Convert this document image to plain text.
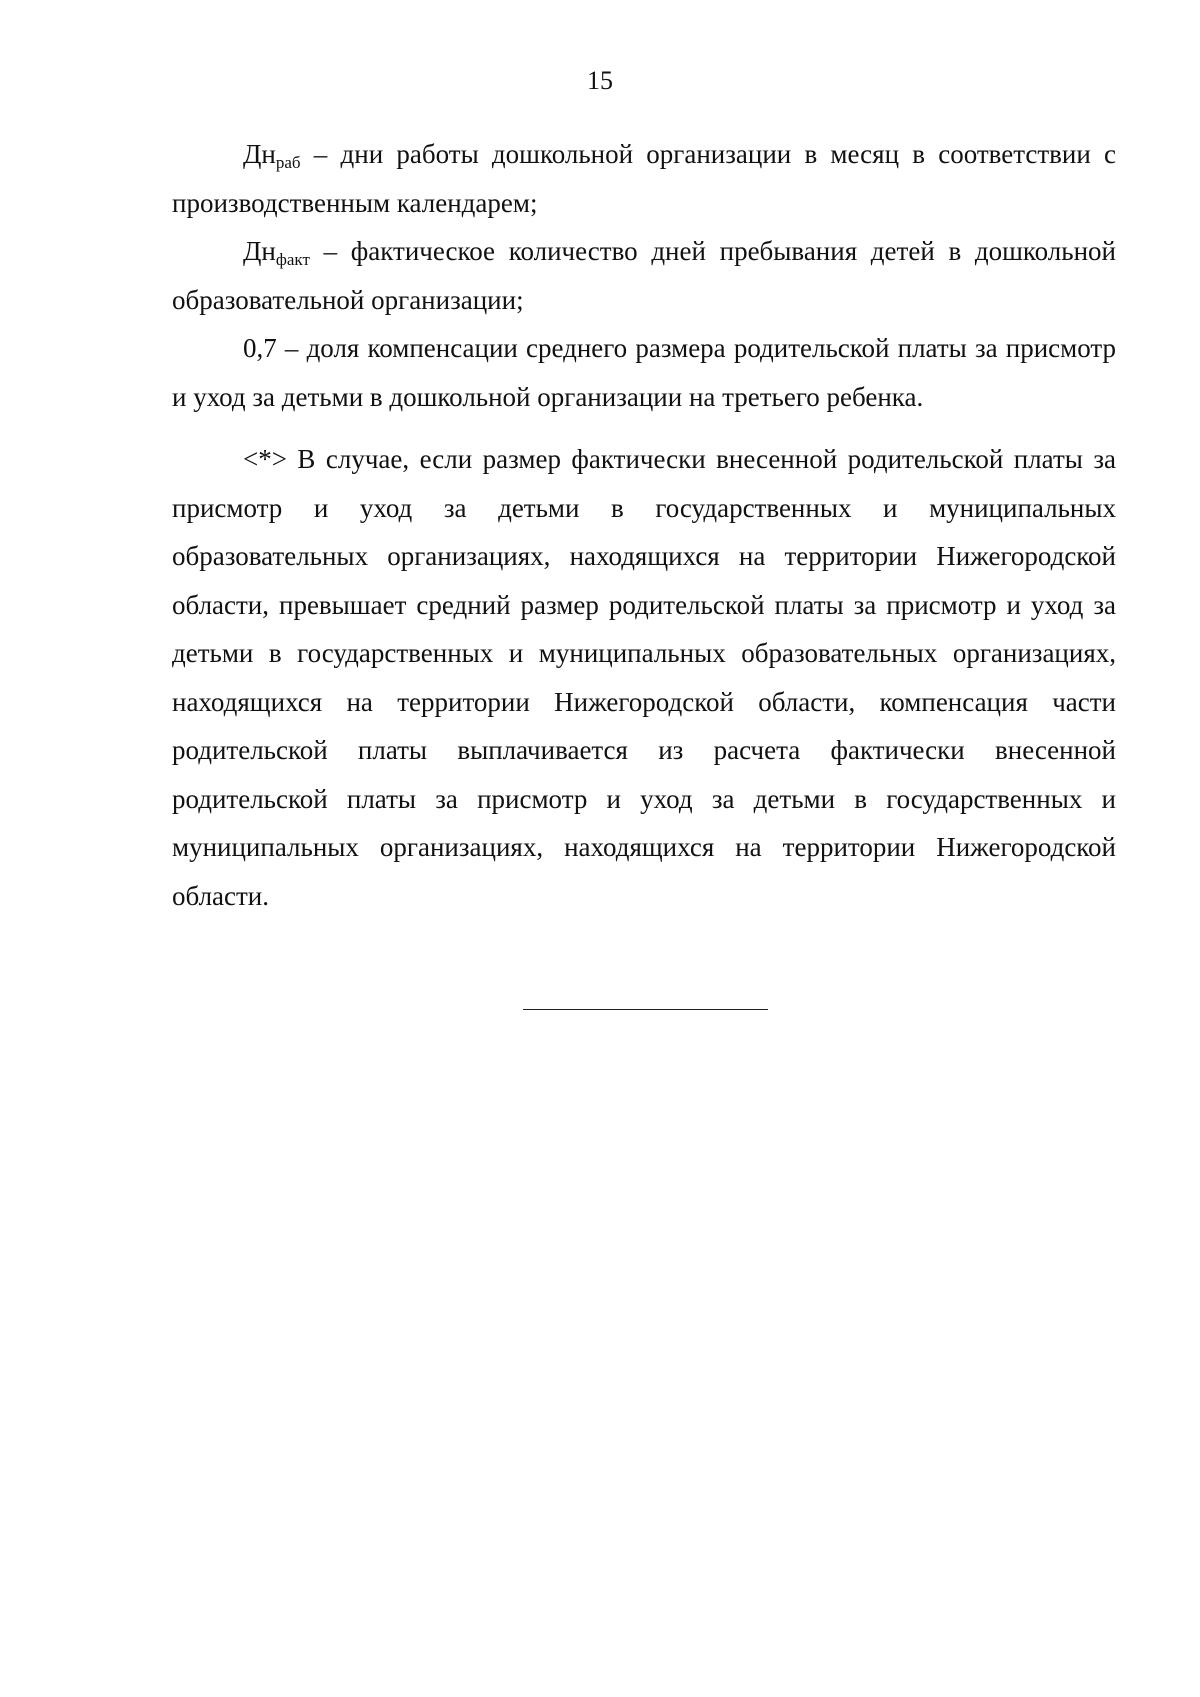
15

$Дн_{раб}$ – дни работы дошкольной организации в месяц в соответствии с производственным календарем;

$Дн_{факт}$ – фактическое количество дней пребывания детей в дошкольной образовательной организации;

0,7 – доля компенсации среднего размера родительской платы за присмотр и уход за детьми в дошкольной организации на третьего ребенка.

<*> В случае, если размер фактически внесенной родительской платы за присмотр и уход за детьми в государственных и муниципальных образовательных организациях, находящихся на территории Нижегородской области, превышает средний размер родительской платы за присмотр и уход за детьми в государственных и муниципальных образовательных организациях, находящихся на территории Нижегородской области, компенсация части родительской платы выплачивается из расчета фактически внесенной родительской платы за присмотр и уход за детьми в государственных и муниципальных организациях, находящихся на территории Нижегородской области.
